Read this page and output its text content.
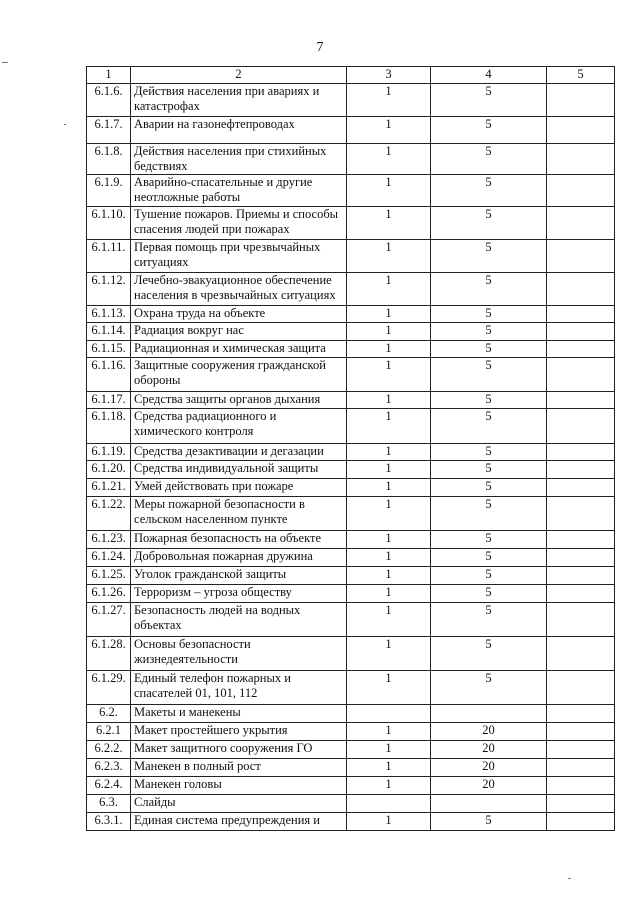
7
1	2	3	4	5
6.1.6.	Действия населения при авариях и катастрофах	1	5	
6.1.7.	Аварии на газонефтепроводах	1	5	
6.1.8.	Действия населения при стихийных бедствиях	1	5	
6.1.9.	Аварийно-спасательные и другие неотложные работы	1	5	
6.1.10.	Тушение пожаров. Приемы и способы спасения людей при пожарах	1	5	
6.1.11.	Первая помощь при чрезвычайных ситуациях	1	5	
6.1.12.	Лечебно-эвакуационное обеспечение населения в чрезвычайных ситуациях	1	5	
6.1.13.	Охрана труда на объекте	1	5	
6.1.14.	Радиация вокруг нас	1	5	
6.1.15.	Радиационная и химическая защита	1	5	
6.1.16.	Защитные сооружения гражданской обороны	1	5	
6.1.17.	Средства защиты органов дыхания	1	5	
6.1.18.	Средства радиационного и химического контроля	1	5	
6.1.19.	Средства дезактивации и дегазации	1	5	
6.1.20.	Средства индивидуальной защиты	1	5	
6.1.21.	Умей действовать при пожаре	1	5	
6.1.22.	Меры пожарной безопасности в сельском населенном пункте	1	5	
6.1.23.	Пожарная безопасность на объекте	1	5	
6.1.24.	Добровольная пожарная дружина	1	5	
6.1.25.	Уголок гражданской защиты	1	5	
6.1.26.	Терроризм – угроза обществу	1	5	
6.1.27.	Безопасность людей на водных объектах	1	5	
6.1.28.	Основы безопасности жизнедеятельности	1	5	
6.1.29.	Единый телефон пожарных и спасателей 01, 101, 112	1	5	
6.2.	Макеты и манекены			
6.2.1	Макет простейшего укрытия	1	20	
6.2.2.	Макет защитного сооружения ГО	1	20	
6.2.3.	Манекен в полный рост	1	20	
6.2.4.	Манекен головы	1	20	
6.3.	Слайды			
6.3.1.	Единая система предупреждения и	1	5	
